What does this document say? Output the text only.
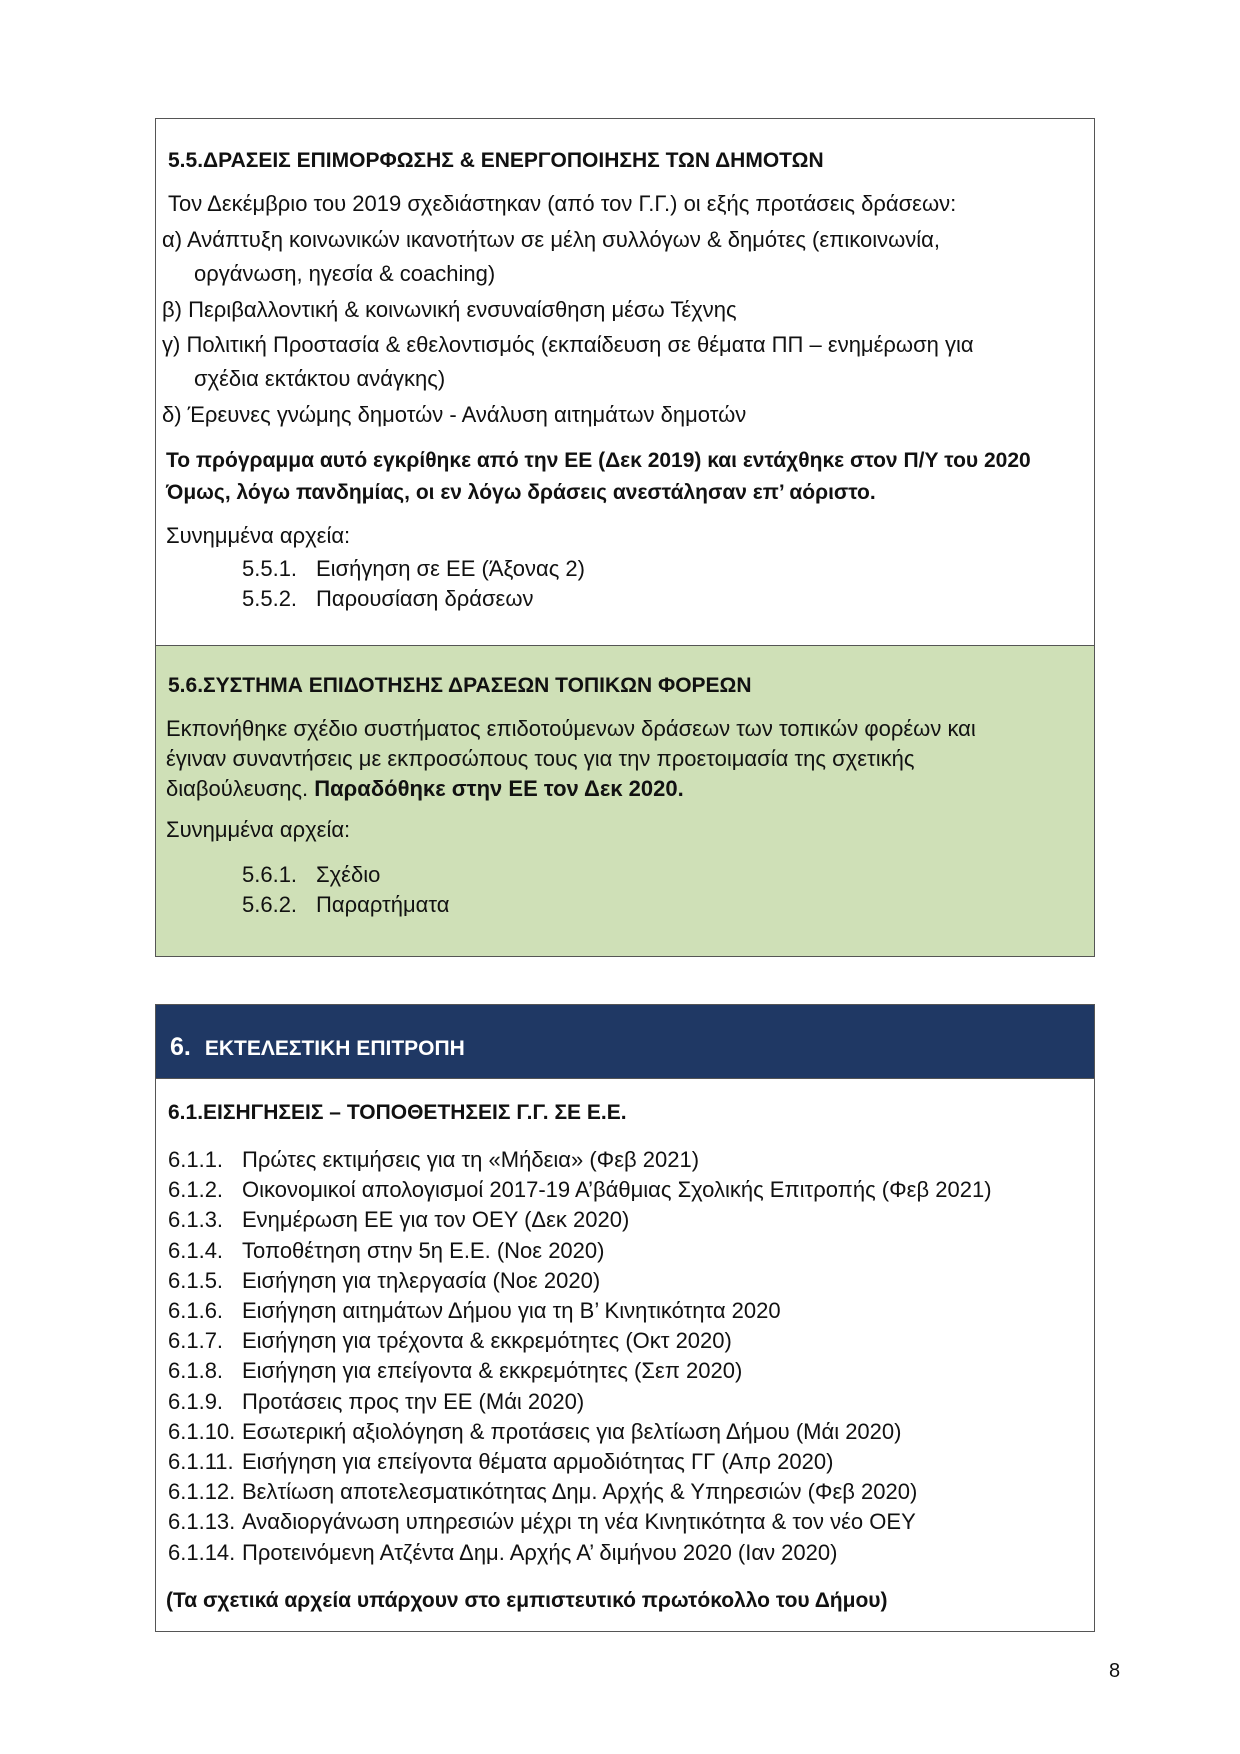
5.5.ΔΡΑΣΕΙΣ ΕΠΙΜΟΡΦΩΣΗΣ & ΕΝΕΡΓΟΠΟΙΗΣΗΣ ΤΩΝ ΔΗΜΟΤΩΝ
Τον Δεκέμβριο του 2019 σχεδιάστηκαν (από τον Γ.Γ.) οι εξής προτάσεις δράσεων:
α) Ανάπτυξη κοινωνικών ικανοτήτων σε μέλη συλλόγων & δημότες (επικοινωνία,
οργάνωση, ηγεσία & coaching)
β) Περιβαλλοντική & κοινωνική ενσυναίσθηση μέσω Τέχνης
γ) Πολιτική Προστασία & εθελοντισμός (εκπαίδευση σε θέματα ΠΠ – ενημέρωση για
σχέδια εκτάκτου ανάγκης)
δ) Έρευνες γνώμης δημοτών - Ανάλυση αιτημάτων δημοτών
Το πρόγραμμα αυτό εγκρίθηκε από την ΕΕ (Δεκ 2019) και εντάχθηκε στον Π/Υ του 2020
Όμως, λόγω πανδημίας, οι εν λόγω δράσεις ανεστάλησαν επ’ αόριστο.
Συνημμένα αρχεία:
5.5.1. Εισήγηση σε ΕΕ (Άξονας 2)
5.5.2. Παρουσίαση δράσεων
5.6.ΣΥΣΤΗΜΑ ΕΠΙΔΟΤΗΣΗΣ ΔΡΑΣΕΩΝ ΤΟΠΙΚΩΝ ΦΟΡΕΩΝ
Εκπονήθηκε σχέδιο συστήματος επιδοτούμενων δράσεων των τοπικών φορέων και
έγιναν συναντήσεις με εκπροσώπους τους για την προετοιμασία της σχετικής
διαβούλευσης. Παραδόθηκε στην ΕΕ τον Δεκ 2020.
Συνημμένα αρχεία:
5.6.1. Σχέδιο
5.6.2. Παραρτήματα
6. ΕΚΤΕΛΕΣΤΙΚΗ ΕΠΙΤΡΟΠΗ
6.1.ΕΙΣΗΓΗΣΕΙΣ – ΤΟΠΟΘΕΤΗΣΕΙΣ Γ.Γ. ΣΕ Ε.Ε.
6.1.1. Πρώτες εκτιμήσεις για τη «Μήδεια» (Φεβ 2021)
6.1.2. Οικονομικοί απολογισμοί 2017-19 Α’βάθμιας Σχολικής Επιτροπής (Φεβ 2021)
6.1.3. Ενημέρωση ΕΕ για τον ΟΕΥ (Δεκ 2020)
6.1.4. Τοποθέτηση στην 5η Ε.Ε. (Νοε 2020)
6.1.5. Εισήγηση για τηλεργασία (Νοε 2020)
6.1.6. Εισήγηση αιτημάτων Δήμου για τη Β’ Κινητικότητα 2020
6.1.7. Εισήγηση για τρέχοντα & εκκρεμότητες (Οκτ 2020)
6.1.8. Εισήγηση για επείγοντα & εκκρεμότητες (Σεπ 2020)
6.1.9. Προτάσεις προς την ΕΕ (Μάι 2020)
6.1.10. Εσωτερική αξιολόγηση & προτάσεις για βελτίωση Δήμου (Μάι 2020)
6.1.11. Εισήγηση για επείγοντα θέματα αρμοδιότητας ΓΓ (Απρ 2020)
6.1.12. Βελτίωση αποτελεσματικότητας Δημ. Αρχής & Υπηρεσιών (Φεβ 2020)
6.1.13. Αναδιοργάνωση υπηρεσιών μέχρι τη νέα Κινητικότητα & τον νέο ΟΕΥ
6.1.14. Προτεινόμενη Ατζέντα Δημ. Αρχής Α’ διμήνου 2020 (Ιαν 2020)
(Τα σχετικά αρχεία υπάρχουν στο εμπιστευτικό πρωτόκολλο του Δήμου)
8
